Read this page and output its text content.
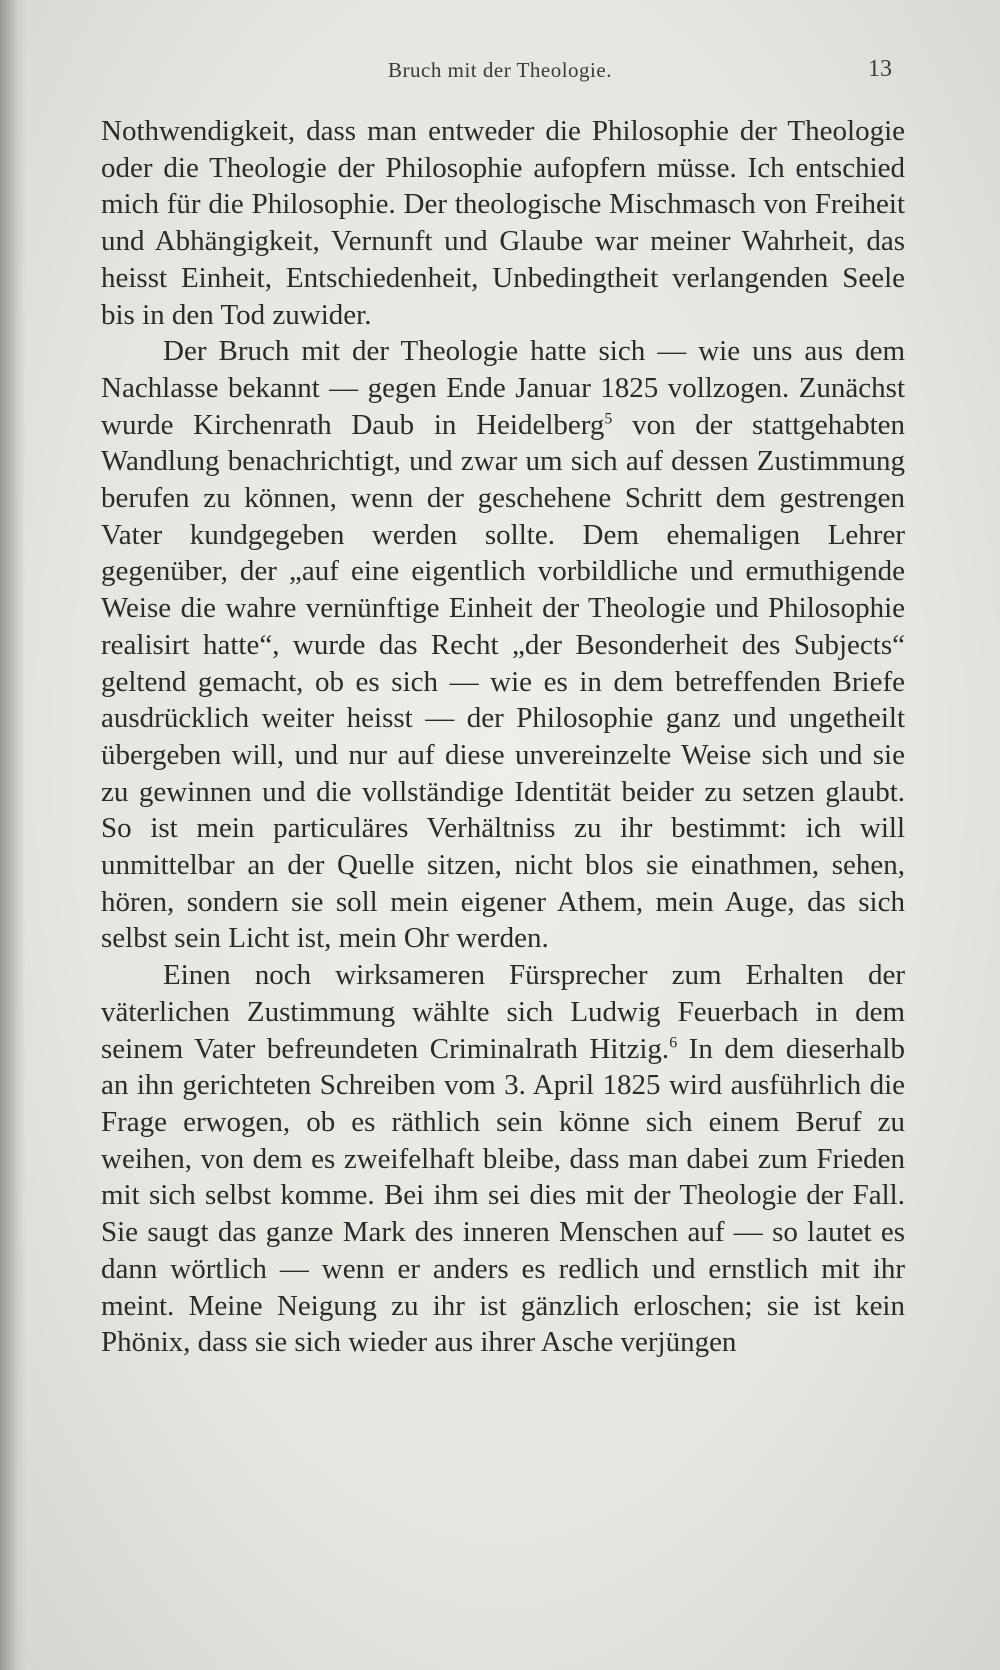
Bruch mit der Theologie.	13

Nothwendigkeit, dass man entweder die Philosophie der Theologie oder die Theologie der Philosophie aufopfern müsse. Ich entschied mich für die Philosophie. Der theologische Mischmasch von Freiheit und Abhängigkeit, Vernunft und Glaube war meiner Wahrheit, das heisst Einheit, Entschiedenheit, Unbedingtheit verlangenden Seele bis in den Tod zuwider.

Der Bruch mit der Theologie hatte sich — wie uns aus dem Nachlasse bekannt — gegen Ende Januar 1825 vollzogen. Zunächst wurde Kirchenrath Daub in Heidelberg$^5$ von der stattgehabten Wandlung benachrichtigt, und zwar um sich auf dessen Zustimmung berufen zu können, wenn der geschehene Schritt dem gestrengen Vater kundgegeben werden sollte. Dem ehemaligen Lehrer gegenüber, der „auf eine eigentlich vorbildliche und ermuthigende Weise die wahre vernünftige Einheit der Theologie und Philosophie realisirt hatte“, wurde das Recht „der Besonderheit des Subjects“ geltend gemacht, ob es sich — wie es in dem betreffenden Briefe ausdrücklich weiter heisst — der Philosophie ganz und ungetheilt übergeben will, und nur auf diese unvereinzelte Weise sich und sie zu gewinnen und die vollständige Identität beider zu setzen glaubt. So ist mein particuläres Verhältniss zu ihr bestimmt: ich will unmittelbar an der Quelle sitzen, nicht blos sie einathmen, sehen, hören, sondern sie soll mein eigener Athem, mein Auge, das sich selbst sein Licht ist, mein Ohr werden.

Einen noch wirksameren Fürsprecher zum Erhalten der väterlichen Zustimmung wählte sich Ludwig Feuerbach in dem seinem Vater befreundeten Criminalrath Hitzig.$^6$ In dem dieserhalb an ihn gerichteten Schreiben vom 3. April 1825 wird ausführlich die Frage erwogen, ob es räthlich sein könne sich einem Beruf zu weihen, von dem es zweifelhaft bleibe, dass man dabei zum Frieden mit sich selbst komme. Bei ihm sei dies mit der Theologie der Fall. Sie saugt das ganze Mark des inneren Menschen auf — so lautet es dann wörtlich — wenn er anders es redlich und ernstlich mit ihr meint. Meine Neigung zu ihr ist gänzlich erloschen; sie ist kein Phönix, dass sie sich wieder aus ihrer Asche verjüngen
